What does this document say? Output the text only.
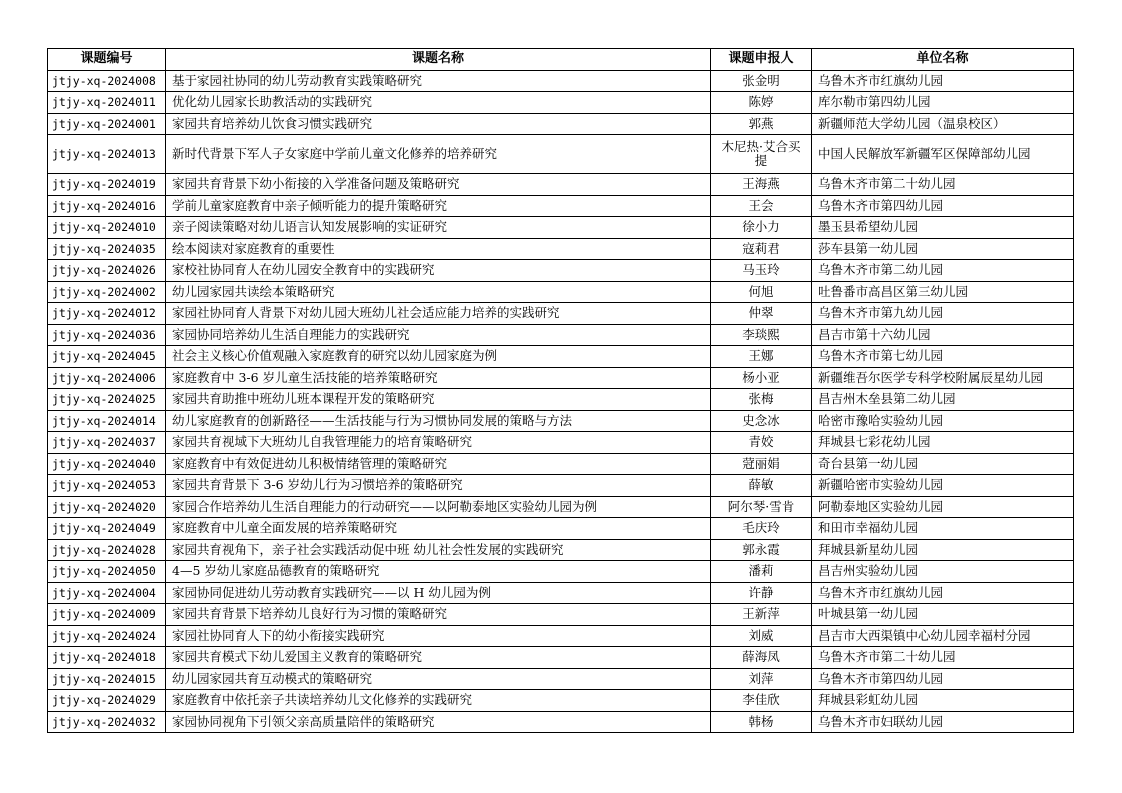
课题编号	课题名称	课题申报人	单位名称
jtjy-xq-2024008	基于家园社协同的幼儿劳动教育实践策略研究	张金明	乌鲁木齐市红旗幼儿园
jtjy-xq-2024011	优化幼儿园家长助教活动的实践研究	陈婷	库尔勒市第四幼儿园
jtjy-xq-2024001	家园共育培养幼儿饮食习惯实践研究	郭燕	新疆师范大学幼儿园（温泉校区）
jtjy-xq-2024013	新时代背景下军人子女家庭中学前儿童文化修养的培养研究	木尼热·艾合买提	中国人民解放军新疆军区保障部幼儿园
jtjy-xq-2024019	家园共育背景下幼小衔接的入学准备问题及策略研究	王海燕	乌鲁木齐市第二十幼儿园
jtjy-xq-2024016	学前儿童家庭教育中亲子倾听能力的提升策略研究	王会	乌鲁木齐市第四幼儿园
jtjy-xq-2024010	亲子阅读策略对幼儿语言认知发展影响的实证研究	徐小力	墨玉县希望幼儿园
jtjy-xq-2024035	绘本阅读对家庭教育的重要性	寇莉君	莎车县第一幼儿园
jtjy-xq-2024026	家校社协同育人在幼儿园安全教育中的实践研究	马玉玲	乌鲁木齐市第二幼儿园
jtjy-xq-2024002	幼儿园家园共读绘本策略研究	何旭	吐鲁番市高昌区第三幼儿园
jtjy-xq-2024012	家园社协同育人背景下对幼儿园大班幼儿社会适应能力培养的实践研究	仲翠	乌鲁木齐市第九幼儿园
jtjy-xq-2024036	家园协同培养幼儿生活自理能力的实践研究	李琰熙	昌吉市第十六幼儿园
jtjy-xq-2024045	社会主义核心价值观融入家庭教育的研究以幼儿园家庭为例	王娜	乌鲁木齐市第七幼儿园
jtjy-xq-2024006	家庭教育中 3-6 岁儿童生活技能的培养策略研究	杨小亚	新疆维吾尔医学专科学校附属辰星幼儿园
jtjy-xq-2024025	家园共育助推中班幼儿班本课程开发的策略研究	张梅	昌吉州木垒县第二幼儿园
jtjy-xq-2024014	幼儿家庭教育的创新路径——生活技能与行为习惯协同发展的策略与方法	史念冰	哈密市豫哈实验幼儿园
jtjy-xq-2024037	家园共育视域下大班幼儿自我管理能力的培育策略研究	青姣	拜城县七彩花幼儿园
jtjy-xq-2024040	家庭教育中有效促进幼儿积极情绪管理的策略研究	蒄丽娟	奇台县第一幼儿园
jtjy-xq-2024053	家园共育背景下 3-6 岁幼儿行为习惯培养的策略研究	薛敏	新疆哈密市实验幼儿园
jtjy-xq-2024020	家园合作培养幼儿生活自理能力的行动研究——以阿勒泰地区实验幼儿园为例	阿尔琴·雪肯	阿勒泰地区实验幼儿园
jtjy-xq-2024049	家庭教育中儿童全面发展的培养策略研究	毛庆玲	和田市幸福幼儿园
jtjy-xq-2024028	家园共育视角下，亲子社会实践活动促中班 幼儿社会性发展的实践研究	郭永霞	拜城县新星幼儿园
jtjy-xq-2024050	4—5 岁幼儿家庭品德教育的策略研究	潘莉	昌吉州实验幼儿园
jtjy-xq-2024004	家园协同促进幼儿劳动教育实践研究——以 H 幼儿园为例	许静	乌鲁木齐市红旗幼儿园
jtjy-xq-2024009	家园共育背景下培养幼儿良好行为习惯的策略研究	王新萍	叶城县第一幼儿园
jtjy-xq-2024024	家园社协同育人下的幼小衔接实践研究	刘威	昌吉市大西渠镇中心幼儿园幸福村分园
jtjy-xq-2024018	家园共育模式下幼儿爱国主义教育的策略研究	薛海凤	乌鲁木齐市第二十幼儿园
jtjy-xq-2024015	幼儿园家园共育互动模式的策略研究	刘萍	乌鲁木齐市第四幼儿园
jtjy-xq-2024029	家庭教育中依托亲子共读培养幼儿文化修养的实践研究	李佳欣	拜城县彩虹幼儿园
jtjy-xq-2024032	家园协同视角下引领父亲高质量陪伴的策略研究	韩杨	乌鲁木齐市妇联幼儿园
